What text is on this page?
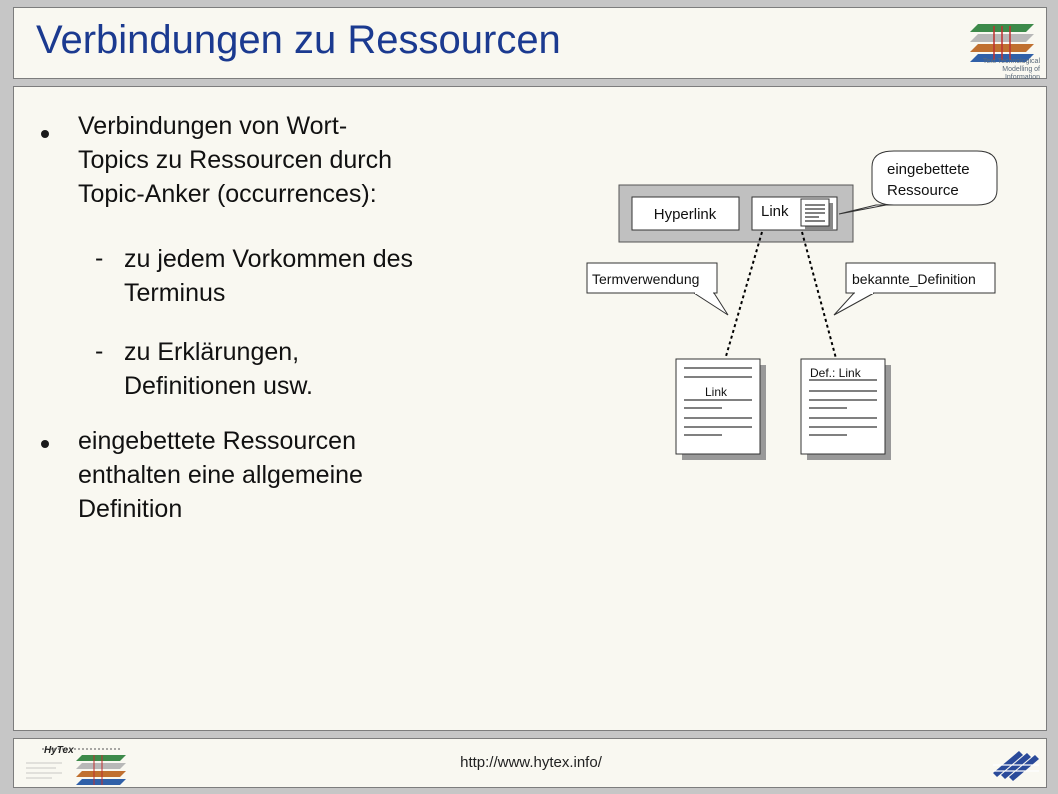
Verbindungen zu Ressourcen	Text Technological
Modelling of Information
Verbindungen von Wort-
Topics zu Ressourcen durch
Topic-Anker (occurrences):
- zu jedem Vorkommen des
Terminus
- zu Erklärungen,
Definitionen usw.
eingebettete Ressourcen
enthalten eine allgemeine
Definition
Hyperlink	Link
eingebettete
Ressource
Termverwendung	bekannte_Definition
Link
Def.: Link
HyTex
http://www.hytex.info/
